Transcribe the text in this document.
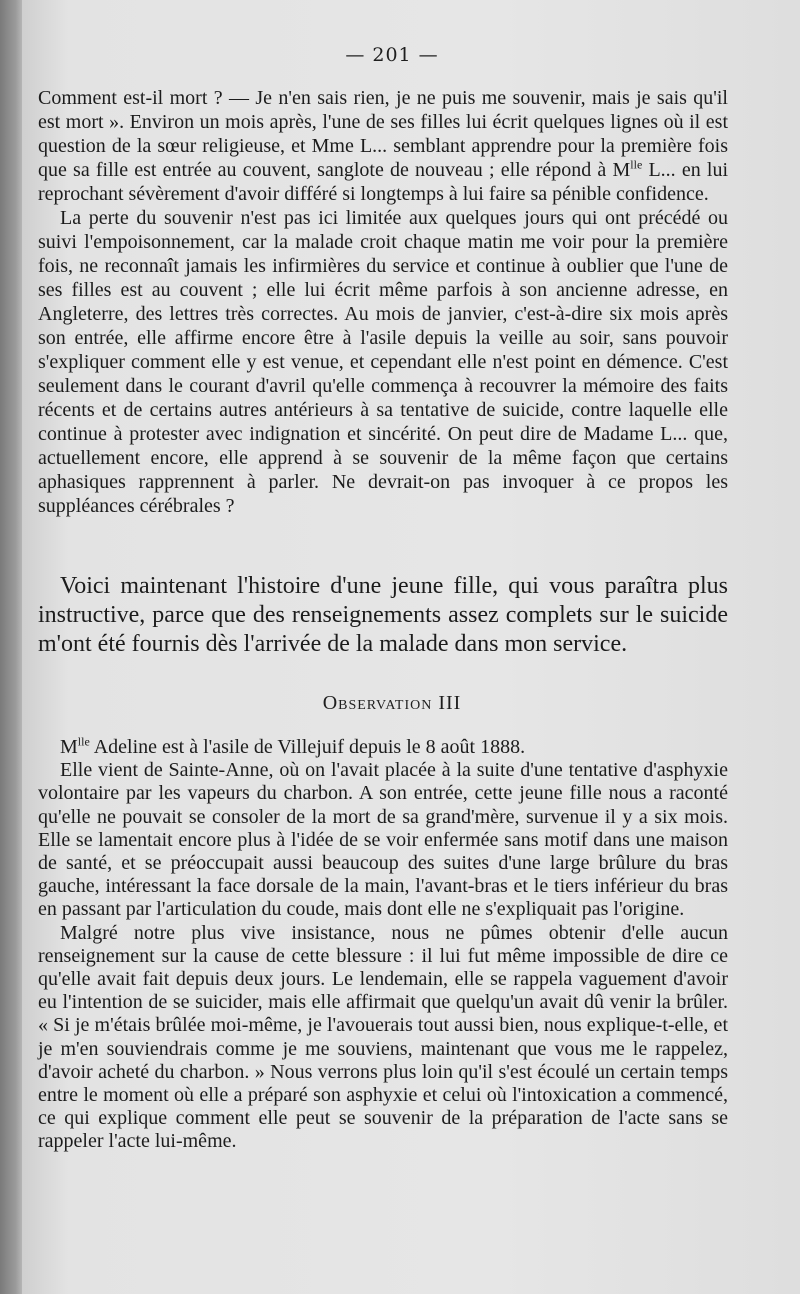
— 201 —

Comment est-il mort ? — Je n'en sais rien, je ne puis me souvenir, mais je sais qu'il est mort ». Environ un mois après, l'une de ses filles lui écrit quelques lignes où il est question de la sœur religieuse, et Mme L... semblant apprendre pour la première fois que sa fille est entrée au couvent, sanglote de nouveau ; elle répond à $M^{lle}$ L... en lui reprochant sévèrement d'avoir différé si longtemps à lui faire sa pénible confidence.

La perte du souvenir n'est pas ici limitée aux quelques jours qui ont précédé ou suivi l'empoisonnement, car la malade croit chaque matin me voir pour la première fois, ne reconnaît jamais les infirmières du service et continue à oublier que l'une de ses filles est au couvent ; elle lui écrit même parfois à son ancienne adresse, en Angleterre, des lettres très correctes. Au mois de janvier, c'est-à-dire six mois après son entrée, elle affirme encore être à l'asile depuis la veille au soir, sans pouvoir s'expliquer comment elle y est venue, et cependant elle n'est point en démence. C'est seulement dans le courant d'avril qu'elle commença à recouvrer la mémoire des faits récents et de certains autres antérieurs à sa tentative de suicide, contre laquelle elle continue à protester avec indignation et sincérité. On peut dire de Madame L... que, actuellement encore, elle apprend à se souvenir de la même façon que certains aphasiques rapprennent à parler. Ne devrait-on pas invoquer à ce propos les suppléances cérébrales ?

Voici maintenant l'histoire d'une jeune fille, qui vous paraîtra plus instructive, parce que des renseignements assez complets sur le suicide m'ont été fournis dès l'arrivée de la malade dans mon service.

Observation III

$M^{lle}$ Adeline est à l'asile de Villejuif depuis le 8 août 1888.

Elle vient de Sainte-Anne, où on l'avait placée à la suite d'une tentative d'asphyxie volontaire par les vapeurs du charbon. A son entrée, cette jeune fille nous a raconté qu'elle ne pouvait se consoler de la mort de sa grand'mère, survenue il y a six mois. Elle se lamentait encore plus à l'idée de se voir enfermée sans motif dans une maison de santé, et se préoccupait aussi beaucoup des suites d'une large brûlure du bras gauche, intéressant la face dorsale de la main, l'avant-bras et le tiers inférieur du bras en passant par l'articulation du coude, mais dont elle ne s'expliquait pas l'origine.

Malgré notre plus vive insistance, nous ne pûmes obtenir d'elle aucun renseignement sur la cause de cette blessure : il lui fut même impossible de dire ce qu'elle avait fait depuis deux jours. Le lendemain, elle se rappela vaguement d'avoir eu l'intention de se suicider, mais elle affirmait que quelqu'un avait dû venir la brûler. « Si je m'étais brûlée moi-même, je l'avouerais tout aussi bien, nous explique-t-elle, et je m'en souviendrais comme je me souviens, maintenant que vous me le rappelez, d'avoir acheté du charbon. » Nous verrons plus loin qu'il s'est écoulé un certain temps entre le moment où elle a préparé son asphyxie et celui où l'intoxication a commencé, ce qui explique comment elle peut se souvenir de la préparation de l'acte sans se rappeler l'acte lui-même.
